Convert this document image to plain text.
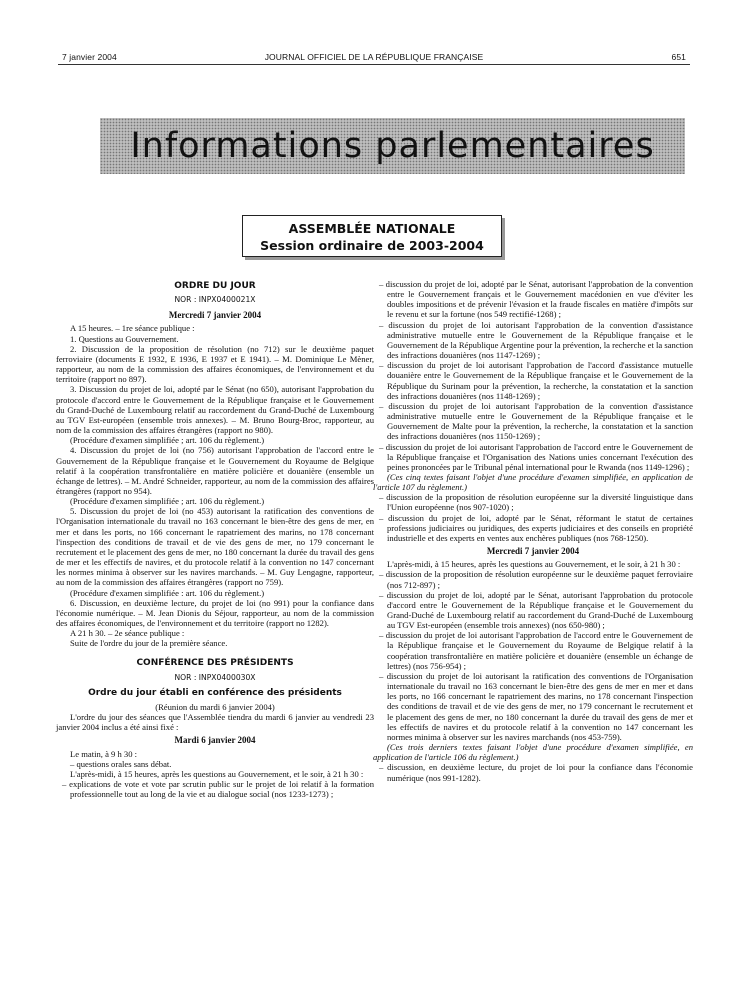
7 janvier 2004	JOURNAL OFFICIEL DE LA RÉPUBLIQUE FRANÇAISE	651
Informations parlementaires
ASSEMBLÉE NATIONALE
Session ordinaire de 2003-2004
ORDRE DU JOUR
NOR : INPX0400021X
Mercredi 7 janvier 2004

A 15 heures. – 1re séance publique :

1. Questions au Gouvernement.

2. Discussion de la proposition de résolution (no 712) sur le deuxième paquet ferroviaire (documents E 1932, E 1936, E 1937 et E 1941). – M. Dominique Le Mèner, rapporteur, au nom de la commission des affaires économiques, de l'environnement et du territoire (rapport no 897).

3. Discussion du projet de loi, adopté par le Sénat (no 650), autorisant l'approbation du protocole d'accord entre le Gouvernement de la République française et le Gouvernement du Grand-Duché de Luxembourg relatif au raccordement du Grand-Duché de Luxembourg au TGV Est-européen (ensemble trois annexes). – M. Bruno Bourg-Broc, rapporteur, au nom de la commission des affaires étrangères (rapport no 980).

(Procédure d'examen simplifiée ; art. 106 du règlement.)

4. Discussion du projet de loi (no 756) autorisant l'approbation de l'accord entre le Gouvernement de la République française et le Gouvernement du Royaume de Belgique relatif à la coopération transfrontalière en matière policière et douanière (ensemble un échange de lettres). – M. André Schneider, rapporteur, au nom de la commission des affaires étrangères (rapport no 954).

(Procédure d'examen simplifiée ; art. 106 du règlement.)

5. Discussion du projet de loi (no 453) autorisant la ratification des conventions de l'Organisation internationale du travail no 163 concernant le bien-être des gens de mer, en mer et dans les ports, no 166 concernant le rapatriement des marins, no 178 concernant l'inspection des conditions de travail et de vie des gens de mer, no 179 concernant le recrutement et le placement des gens de mer, no 180 concernant la durée du travail des gens de mer et les effectifs de navires, et du protocole relatif à la convention no 147 concernant les normes minima à observer sur les navires marchands. – M. Guy Lengagne, rapporteur, au nom de la commission des affaires étrangères (rapport no 759).

(Procédure d'examen simplifiée : art. 106 du règlement.)

6. Discussion, en deuxième lecture, du projet de loi (no 991) pour la confiance dans l'économie numérique. – M. Jean Dionis du Séjour, rapporteur, au nom de la commission des affaires économiques, de l'environnement et du territoire (rapport no 1282).

A 21 h 30. – 2e séance publique :

Suite de l'ordre du jour de la première séance.

CONFÉRENCE DES PRÉSIDENTS
NOR : INPX0400030X
Ordre du jour établi en conférence des présidents

(Réunion du mardi 6 janvier 2004)

L'ordre du jour des séances que l'Assemblée tiendra du mardi 6 janvier au vendredi 23 janvier 2004 inclus a été ainsi fixé :

Mardi 6 janvier 2004

Le matin, à 9 h 30 :

– questions orales sans débat.

L'après-midi, à 15 heures, après les questions au Gouvernement, et le soir, à 21 h 30 :

– explications de vote et vote par scrutin public sur le projet de loi relatif à la formation professionnelle tout au long de la vie et au dialogue social (nos 1233-1273) ;

– discussion du projet de loi, adopté par le Sénat, autorisant l'approbation de la convention entre le Gouvernement français et le Gouvernement macédonien en vue d'éviter les doubles impositions et de prévenir l'évasion et la fraude fiscales en matière d'impôts sur le revenu et sur la fortune (nos 549 rectifié-1268) ;

– discussion du projet de loi autorisant l'approbation de la convention d'assistance administrative mutuelle entre le Gouvernement de la République française et le Gouvernement de la République Argentine pour la prévention, la recherche et la sanction des infractions douanières (nos 1147-1269) ;

– discussion du projet de loi autorisant l'approbation de l'accord d'assistance mutuelle douanière entre le Gouvernement de la République française et le Gouvernement de la République du Surinam pour la prévention, la recherche, la constatation et la sanction des infractions douanières (nos 1148-1269) ;

– discussion du projet de loi autorisant l'approbation de la convention d'assistance administrative mutuelle entre le Gouvernement de la République française et le Gouvernement de Malte pour la prévention, la recherche, la constatation et la sanction des infractions douanières (nos 1150-1269) ;

– discussion du projet de loi autorisant l'approbation de l'accord entre le Gouvernement de la République française et l'Organisation des Nations unies concernant l'exécution des peines prononcées par le Tribunal pénal international pour le Rwanda (nos 1149-1296) ;

(Ces cinq textes faisant l'objet d'une procédure d'examen simplifiée, en application de l'article 107 du règlement.)

– discussion de la proposition de résolution européenne sur la diversité linguistique dans l'Union européenne (nos 907-1020) ;

– discussion du projet de loi, adopté par le Sénat, réformant le statut de certaines professions judiciaires ou juridiques, des experts judiciaires et des conseils en propriété industrielle et des experts en ventes aux enchères publiques (nos 768-1250).

Mercredi 7 janvier 2004

L'après-midi, à 15 heures, après les questions au Gouvernement, et le soir, à 21 h 30 :

– discussion de la proposition de résolution européenne sur le deuxième paquet ferroviaire (nos 712-897) ;

– discussion du projet de loi, adopté par le Sénat, autorisant l'approbation du protocole d'accord entre le Gouvernement de la République française et le Gouvernement du Grand-Duché de Luxembourg relatif au raccordement du Grand-Duché de Luxembourg au TGV Est-européen (ensemble trois annexes) (nos 650-980) ;

– discussion du projet de loi autorisant l'approbation de l'accord entre le Gouvernement de la République française et le Gouvernement du Royaume de Belgique relatif à la coopération transfrontalière en matière policière et douanière (ensemble un échange de lettres) (nos 756-954) ;

– discussion du projet de loi autorisant la ratification des conventions de l'Organisation internationale du travail no 163 concernant le bien-être des gens de mer en mer et dans les ports, no 166 concernant le rapatriement des marins, no 178 concernant l'inspection des conditions de travail et de vie des gens de mer, no 179 concernant le recrutement et le placement des gens de mer, no 180 concernant la durée du travail des gens de mer et les effectifs de navires et du protocole relatif à la convention no 147 concernant les normes minima à observer sur les navires marchands (nos 453-759).

(Ces trois derniers textes faisant l'objet d'une procédure d'examen simplifiée, en application de l'article 106 du règlement.)

– discussion, en deuxième lecture, du projet de loi pour la confiance dans l'économie numérique (nos 991-1282).
